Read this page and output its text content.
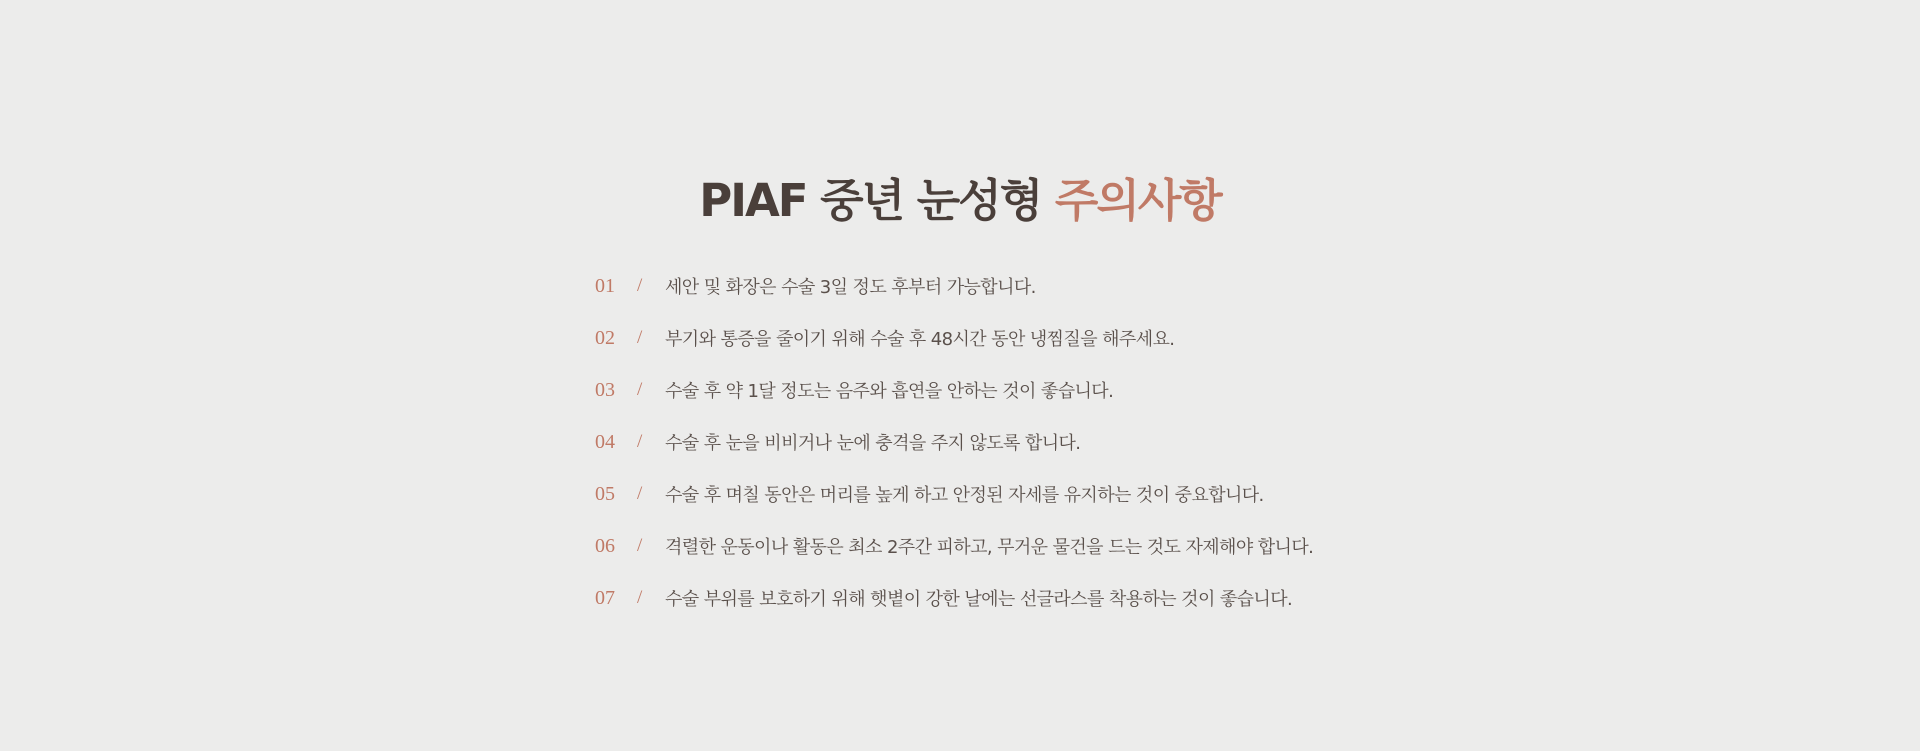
PIAF 중년 눈성형 주의사항
01	/	세안 및 화장은 수술 3일 정도 후부터 가능합니다.
02	/	부기와 통증을 줄이기 위해 수술 후 48시간 동안 냉찜질을 해주세요.
03	/	수술 후 약 1달 정도는 음주와 흡연을 안하는 것이 좋습니다.
04	/	수술 후 눈을 비비거나 눈에 충격을 주지 않도록 합니다.
05	/	수술 후 며칠 동안은 머리를 높게 하고 안정된 자세를 유지하는 것이 중요합니다.
06	/	격렬한 운동이나 활동은 최소 2주간 피하고, 무거운 물건을 드는 것도 자제해야 합니다.
07	/	수술 부위를 보호하기 위해 햇볕이 강한 날에는 선글라스를 착용하는 것이 좋습니다.
